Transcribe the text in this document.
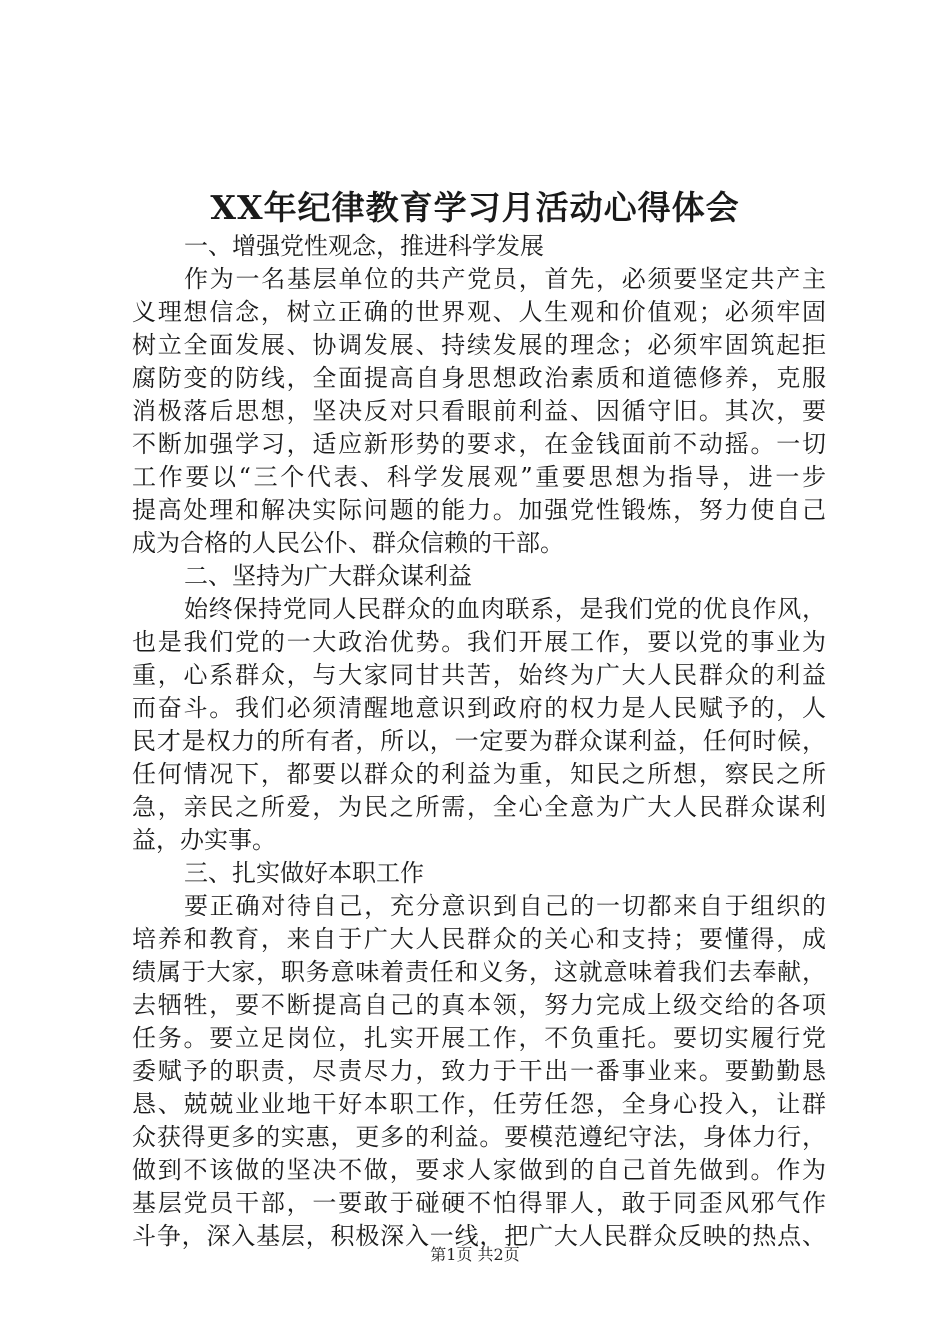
XX年纪律教育学习月活动心得体会
一、增强党性观念，推进科学发展
作为一名基层单位的共产党员，首先，必须要坚定共产主
义理想信念，树立正确的世界观、人生观和价值观；必须牢固
树立全面发展、协调发展、持续发展的理念；必须牢固筑起拒
腐防变的防线，全面提高自身思想政治素质和道德修养，克服
消极落后思想，坚决反对只看眼前利益、因循守旧。其次，要
不断加强学习，适应新形势的要求，在金钱面前不动摇。一切
工作要以“三个代表、科学发展观”重要思想为指导，进一步
提高处理和解决实际问题的能力。加强党性锻炼，努力使自己
成为合格的人民公仆、群众信赖的干部。
二、坚持为广大群众谋利益
始终保持党同人民群众的血肉联系，是我们党的优良作风，
也是我们党的一大政治优势。我们开展工作，要以党的事业为
重，心系群众，与大家同甘共苦，始终为广大人民群众的利益
而奋斗。我们必须清醒地意识到政府的权力是人民赋予的，人
民才是权力的所有者，所以，一定要为群众谋利益，任何时候，
任何情况下，都要以群众的利益为重，知民之所想，察民之所
急，亲民之所爱，为民之所需，全心全意为广大人民群众谋利
益，办实事。
三、扎实做好本职工作
要正确对待自己，充分意识到自己的一切都来自于组织的
培养和教育，来自于广大人民群众的关心和支持；要懂得，成
绩属于大家，职务意味着责任和义务，这就意味着我们去奉献，
去牺牲，要不断提高自己的真本领，努力完成上级交给的各项
任务。要立足岗位，扎实开展工作，不负重托。要切实履行党
委赋予的职责，尽责尽力，致力于干出一番事业来。要勤勤恳
恳、兢兢业业地干好本职工作，任劳任怨，全身心投入，让群
众获得更多的实惠，更多的利益。要模范遵纪守法，身体力行，
做到不该做的坚决不做，要求人家做到的自己首先做到。作为
基层党员干部，一要敢于碰硬不怕得罪人，敢于同歪风邪气作
斗争，深入基层，积极深入一线，把广大人民群众反映的热点、
第1页 共2页
